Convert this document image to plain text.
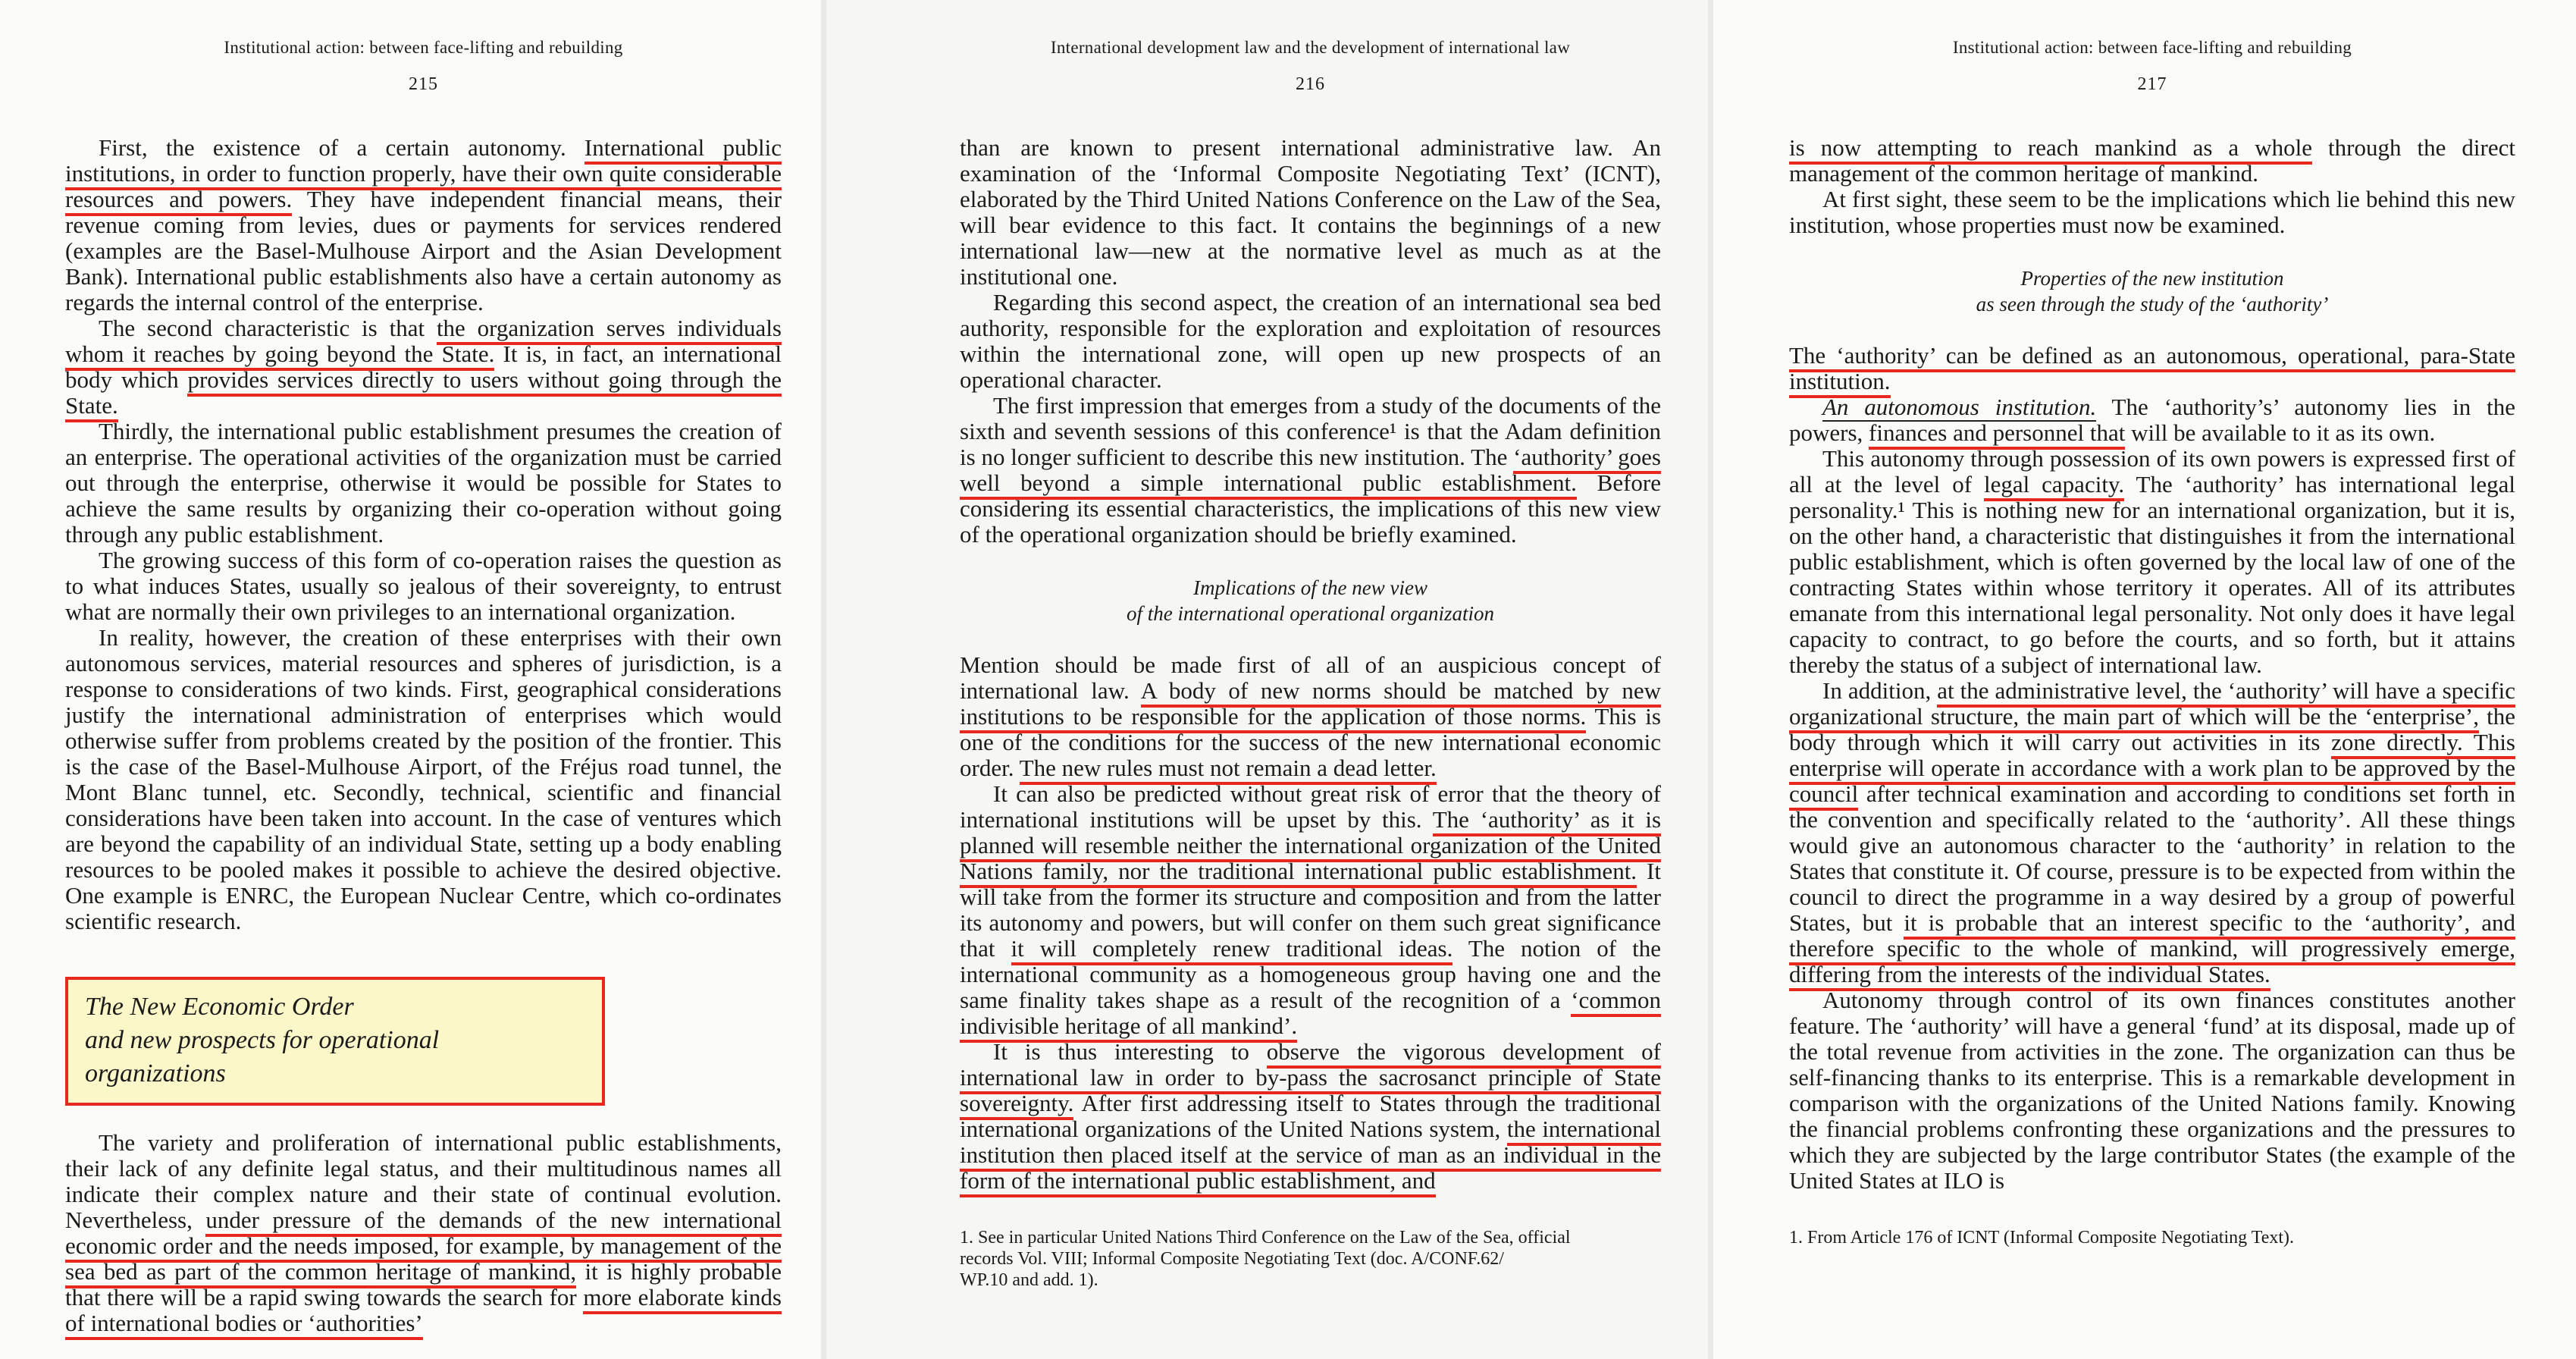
Institutional action: between face-lifting and rebuilding
215

First, the existence of a certain autonomy. International public institutions, in order to function properly, have their own quite considerable resources and powers. They have independent financial means, their revenue coming from levies, dues or payments for services rendered (examples are the Basel-Mulhouse Airport and the Asian Development Bank). International public establishments also have a certain autonomy as regards the internal control of the enterprise.

The second characteristic is that the organization serves individuals whom it reaches by going beyond the State. It is, in fact, an international body which provides services directly to users without going through the State.

Thirdly, the international public establishment presumes the creation of an enterprise. The operational activities of the organization must be carried out through the enterprise, otherwise it would be possible for States to achieve the same results by organizing their co-operation without going through any public establishment.

The growing success of this form of co-operation raises the question as to what induces States, usually so jealous of their sovereignty, to entrust what are normally their own privileges to an international organization.

In reality, however, the creation of these enterprises with their own autonomous services, material resources and spheres of jurisdiction, is a response to considerations of two kinds. First, geographical considerations justify the international administration of enterprises which would otherwise suffer from problems created by the position of the frontier. This is the case of the Basel-Mulhouse Airport, of the Fréjus road tunnel, the Mont Blanc tunnel, etc. Secondly, technical, scientific and financial considerations have been taken into account. In the case of ventures which are beyond the capability of an individual State, setting up a body enabling resources to be pooled makes it possible to achieve the desired objective. One example is ENRC, the European Nuclear Centre, which co-ordinates scientific research.

The New Economic Order
and new prospects for operational organizations

The variety and proliferation of international public establishments, their lack of any definite legal status, and their multitudinous names all indicate their complex nature and their state of continual evolution. Nevertheless, under pressure of the demands of the new international economic order and the needs imposed, for example, by management of the sea bed as part of the common heritage of mankind, it is highly probable that there will be a rapid swing towards the search for more elaborate kinds of international bodies or ‘authorities’

International development law and the development of international law
216

than are known to present international administrative law. An examination of the ‘Informal Composite Negotiating Text’ (ICNT), elaborated by the Third United Nations Conference on the Law of the Sea, will bear evidence to this fact. It contains the beginnings of a new international law—new at the normative level as much as at the institutional one.

Regarding this second aspect, the creation of an international sea bed authority, responsible for the exploration and exploitation of resources within the international zone, will open up new prospects of an operational character.

The first impression that emerges from a study of the documents of the sixth and seventh sessions of this conference¹ is that the Adam definition is no longer sufficient to describe this new institution. The ‘authority’ goes well beyond a simple international public establishment. Before considering its essential characteristics, the implications of this new view of the operational organization should be briefly examined.

Implications of the new view
of the international operational organization

Mention should be made first of all of an auspicious concept of international law. A body of new norms should be matched by new institutions to be responsible for the application of those norms. This is one of the conditions for the success of the new international economic order. The new rules must not remain a dead letter.

It can also be predicted without great risk of error that the theory of international institutions will be upset by this. The ‘authority’ as it is planned will resemble neither the international organization of the United Nations family, nor the traditional international public establishment. It will take from the former its structure and composition and from the latter its autonomy and powers, but will confer on them such great significance that it will completely renew traditional ideas. The notion of the international community as a homogeneous group having one and the same finality takes shape as a result of the recognition of a ‘common indivisible heritage of all mankind’.

It is thus interesting to observe the vigorous development of international law in order to by-pass the sacrosanct principle of State sovereignty. After first addressing itself to States through the traditional international organizations of the United Nations system, the international institution then placed itself at the service of man as an individual in the form of the international public establishment, and

1. See in particular United Nations Third Conference on the Law of the Sea, official
records Vol. VIII; Informal Composite Negotiating Text (doc. A/CONF.62/
WP.10 and add. 1).
Institutional action: between face-lifting and rebuilding
217

is now attempting to reach mankind as a whole through the direct management of the common heritage of mankind.

At first sight, these seem to be the implications which lie behind this new institution, whose properties must now be examined.

Properties of the new institution
as seen through the study of the ‘authority’

The ‘authority’ can be defined as an autonomous, operational, para-State institution.

An autonomous institution. The ‘authority’s’ autonomy lies in the powers, finances and personnel that will be available to it as its own.

This autonomy through possession of its own powers is expressed first of all at the level of legal capacity. The ‘authority’ has international legal personality.¹ This is nothing new for an international organization, but it is, on the other hand, a characteristic that distinguishes it from the international public establishment, which is often governed by the local law of one of the contracting States within whose territory it operates. All of its attributes emanate from this international legal personality. Not only does it have legal capacity to contract, to go before the courts, and so forth, but it attains thereby the status of a subject of international law.

In addition, at the administrative level, the ‘authority’ will have a specific organizational structure, the main part of which will be the ‘enterprise’, the body through which it will carry out activities in its zone directly. This enterprise will operate in accordance with a work plan to be approved by the council after technical examination and according to conditions set forth in the convention and specifically related to the ‘authority’. All these things would give an autonomous character to the ‘authority’ in relation to the States that constitute it. Of course, pressure is to be expected from within the council to direct the programme in a way desired by a group of powerful States, but it is probable that an interest specific to the ‘authority’, and therefore specific to the whole of mankind, will progressively emerge, differing from the interests of the individual States.

Autonomy through control of its own finances constitutes another feature. The ‘authority’ will have a general ‘fund’ at its disposal, made up of the total revenue from activities in the zone. The organization can thus be self-financing thanks to its enterprise. This is a remarkable development in comparison with the organizations of the United Nations family. Knowing the financial problems confronting these organizations and the pressures to which they are subjected by the large contributor States (the example of the United States at ILO is

1. From Article 176 of ICNT (Informal Composite Negotiating Text).
